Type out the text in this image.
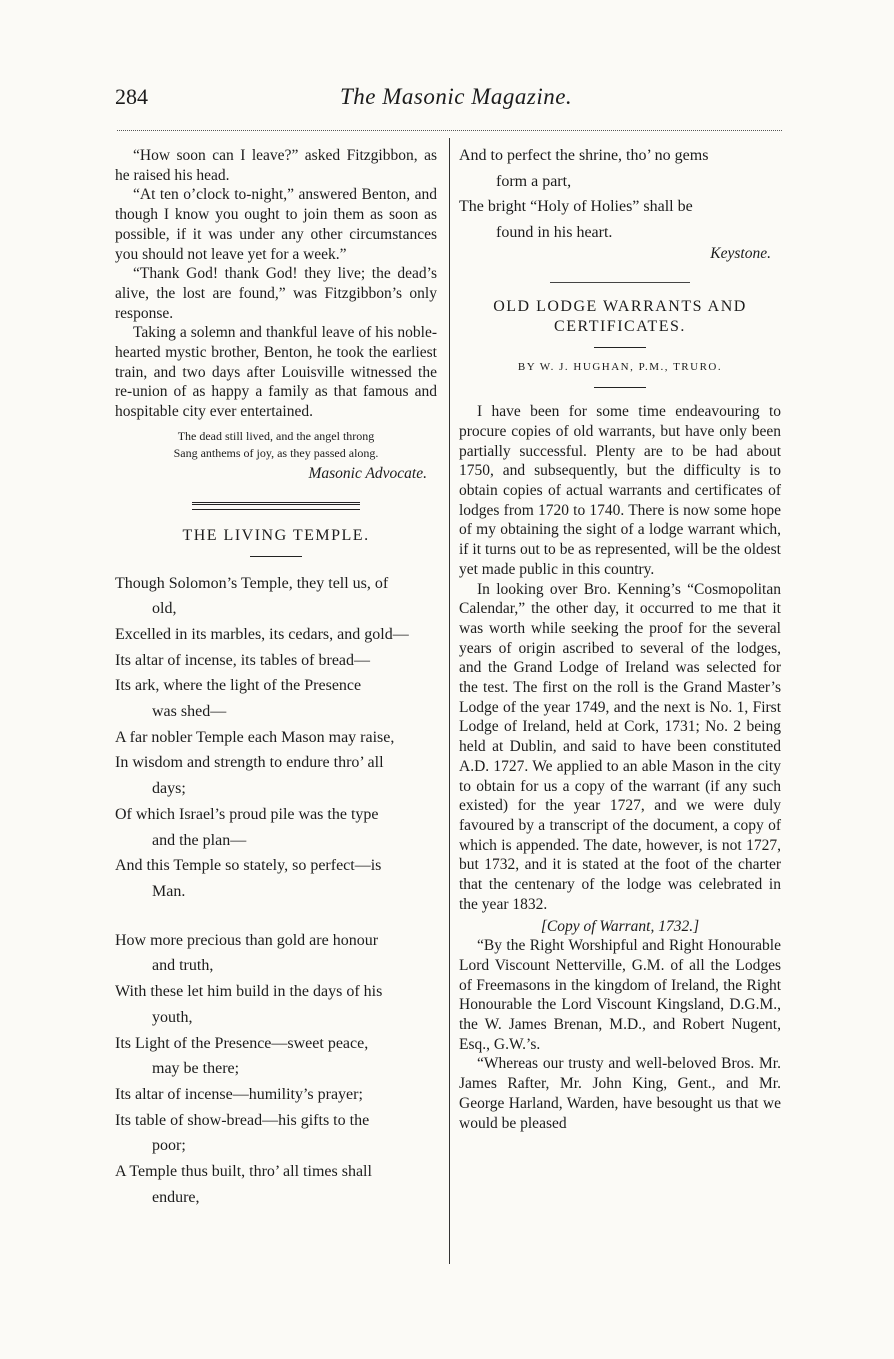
284	The Masonic Magazine.

“How soon can I leave?” asked Fitzgibbon, as he raised his head.

“At ten o’clock to-night,” answered Benton, and though I know you ought to join them as soon as possible, if it was under any other circumstances you should not leave yet for a week.”

“Thank God! thank God! they live; the dead’s alive, the lost are found,” was Fitzgibbon’s only response.

Taking a solemn and thankful leave of his noble-hearted mystic brother, Benton, he took the earliest train, and two days after Louisville witnessed the re-union of as happy a family as that famous and hospitable city ever entertained.

The dead still lived, and the angel throng
Sang anthems of joy, as they passed along.
Masonic Advocate.
THE LIVING TEMPLE.
Though Solomon’s Temple, they tell us, of
old,
Excelled in its marbles, its cedars, and gold—
Its altar of incense, its tables of bread—
Its ark, where the light of the Presence
was shed—
A far nobler Temple each Mason may raise,
In wisdom and strength to endure thro’ all
days;
Of which Israel’s proud pile was the type
and the plan—
And this Temple so stately, so perfect—is
Man.
How more precious than gold are honour
and truth,
With these let him build in the days of his
youth,
Its Light of the Presence—sweet peace,
may be there;
Its altar of incense—humility’s prayer;
Its table of show-bread—his gifts to the
poor;
A Temple thus built, thro’ all times shall
endure,
And to perfect the shrine, tho’ no gems
form a part,
The bright “Holy of Holies” shall be
found in his heart.
Keystone.
OLD LODGE WARRANTS AND
CERTIFICATES.
BY W. J. HUGHAN, P.M., TRURO.

I have been for some time endeavouring to procure copies of old warrants, but have only been partially successful. Plenty are to be had about 1750, and subsequently, but the difficulty is to obtain copies of actual warrants and certificates of lodges from 1720 to 1740. There is now some hope of my obtaining the sight of a lodge warrant which, if it turns out to be as represented, will be the oldest yet made public in this country.

In looking over Bro. Kenning’s “Cosmopolitan Calendar,” the other day, it occurred to me that it was worth while seeking the proof for the several years of origin ascribed to several of the lodges, and the Grand Lodge of Ireland was selected for the test. The first on the roll is the Grand Master’s Lodge of the year 1749, and the next is No. 1, First Lodge of Ireland, held at Cork, 1731; No. 2 being held at Dublin, and said to have been constituted A.D. 1727. We applied to an able Mason in the city to obtain for us a copy of the warrant (if any such existed) for the year 1727, and we were duly favoured by a transcript of the document, a copy of which is appended. The date, however, is not 1727, but 1732, and it is stated at the foot of the charter that the centenary of the lodge was celebrated in the year 1832.

[Copy of Warrant, 1732.]

“By the Right Worshipful and Right Honourable Lord Viscount Netterville, G.M. of all the Lodges of Freemasons in the kingdom of Ireland, the Right Honourable the Lord Viscount Kingsland, D.G.M., the W. James Brenan, M.D., and Robert Nugent, Esq., G.W.’s.

“Whereas our trusty and well-beloved Bros. Mr. James Rafter, Mr. John King, Gent., and Mr. George Harland, Warden, have besought us that we would be pleased
